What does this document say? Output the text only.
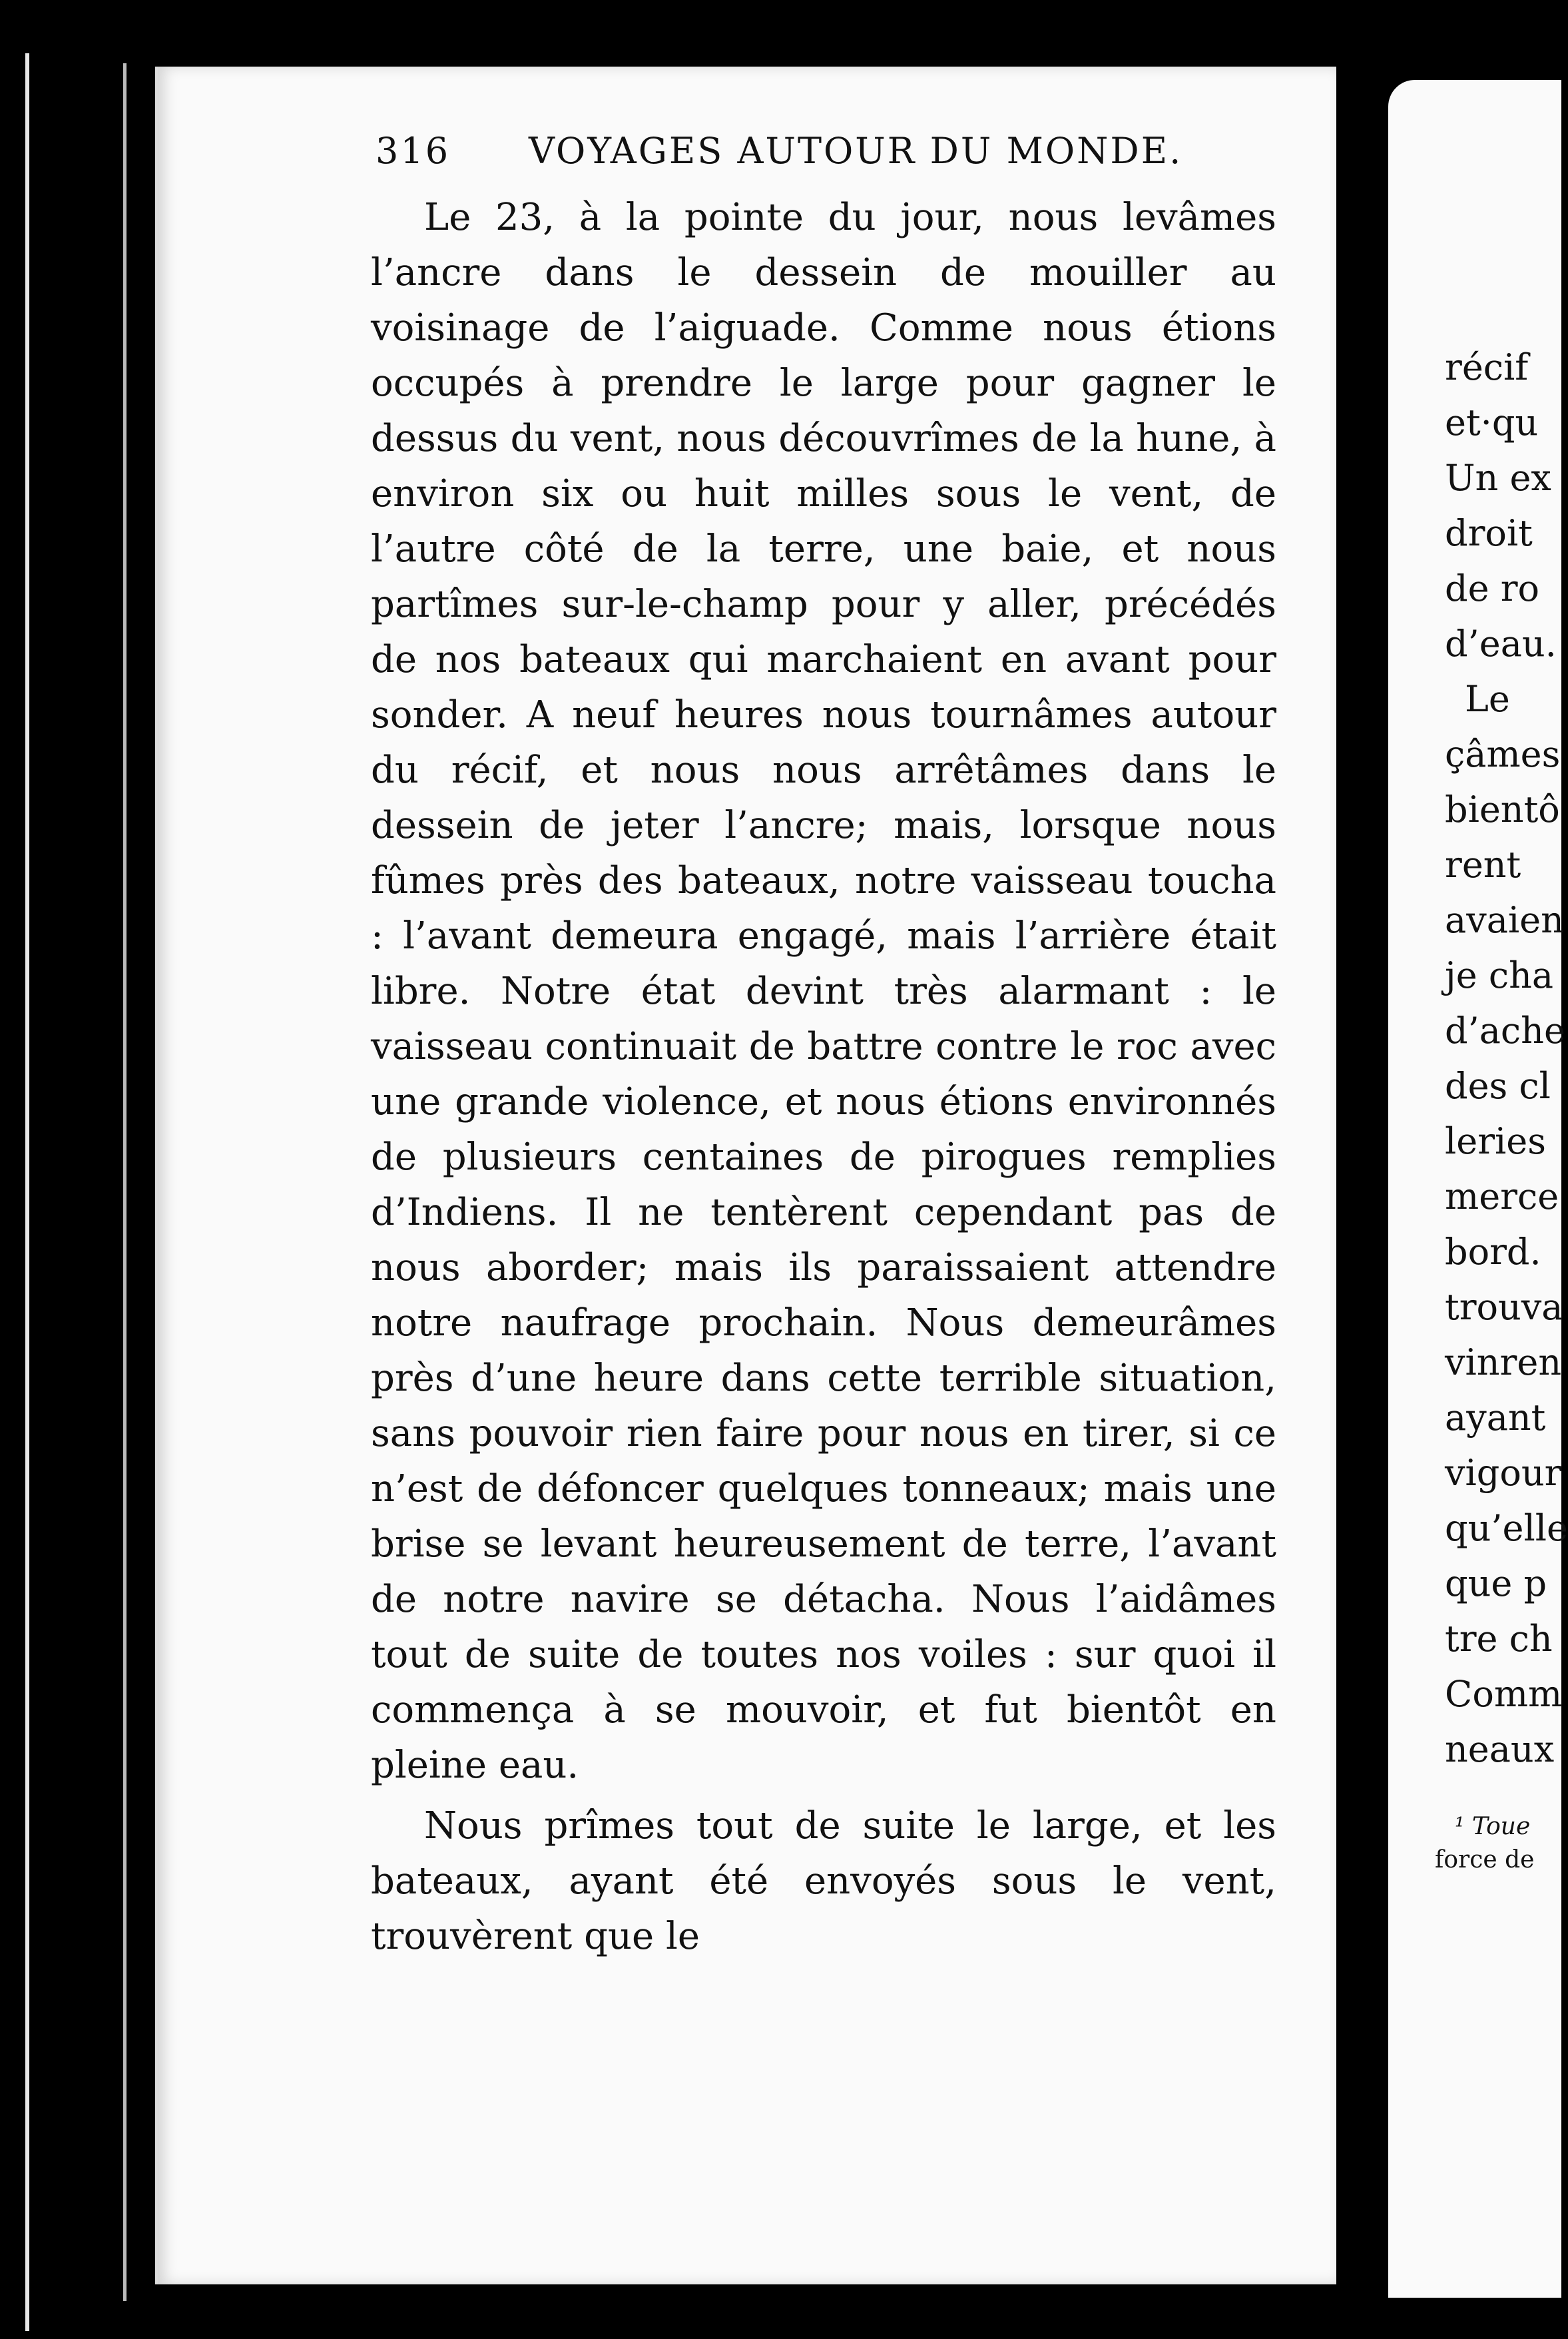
316 VOYAGES AUTOUR DU MONDE.

Le 23, à la pointe du jour, nous levâmes l’ancre dans le dessein de mouiller au voisinage de l’aiguade. Comme nous étions occupés à prendre le large pour gagner le dessus du vent, nous découvrîmes de la hune, à environ six ou huit milles sous le vent, de l’autre côté de la terre, une baie, et nous partîmes sur-le-champ pour y aller, précédés de nos bateaux qui marchaient en avant pour sonder. A neuf heures nous tournâmes autour du récif, et nous nous arrêtâmes dans le dessein de jeter l’ancre; mais, lorsque nous fûmes près des bateaux, notre vaisseau toucha : l’avant demeura engagé, mais l’arrière était libre. Notre état devint très alarmant : le vaisseau continuait de battre contre le roc avec une grande violence, et nous étions environnés de plusieurs centaines de pirogues remplies d’Indiens. Il ne tentèrent cependant pas de nous aborder; mais ils paraissaient attendre notre naufrage prochain. Nous demeurâmes près d’une heure dans cette terrible situation, sans pouvoir rien faire pour nous en tirer, si ce n’est de défoncer quelques tonneaux; mais une brise se levant heureusement de terre, l’avant de notre navire se détacha. Nous l’aidâmes tout de suite de toutes nos voiles : sur quoi il commença à se mouvoir, et fut bientôt en pleine eau.

Nous prîmes tout de suite le large, et les bateaux, ayant été envoyés sous le vent, trouvèrent que le

récif
et·qu
Un ex
droit
de ro
d’eau.
Le
çâmes
bientô
rent
avaien
je cha
d’ache
des cl
leries
merce
bord.
trouva
vinren
ayant
vigour
qu’elle
que p
tre ch
Comm
neaux
¹ Toue
force de
